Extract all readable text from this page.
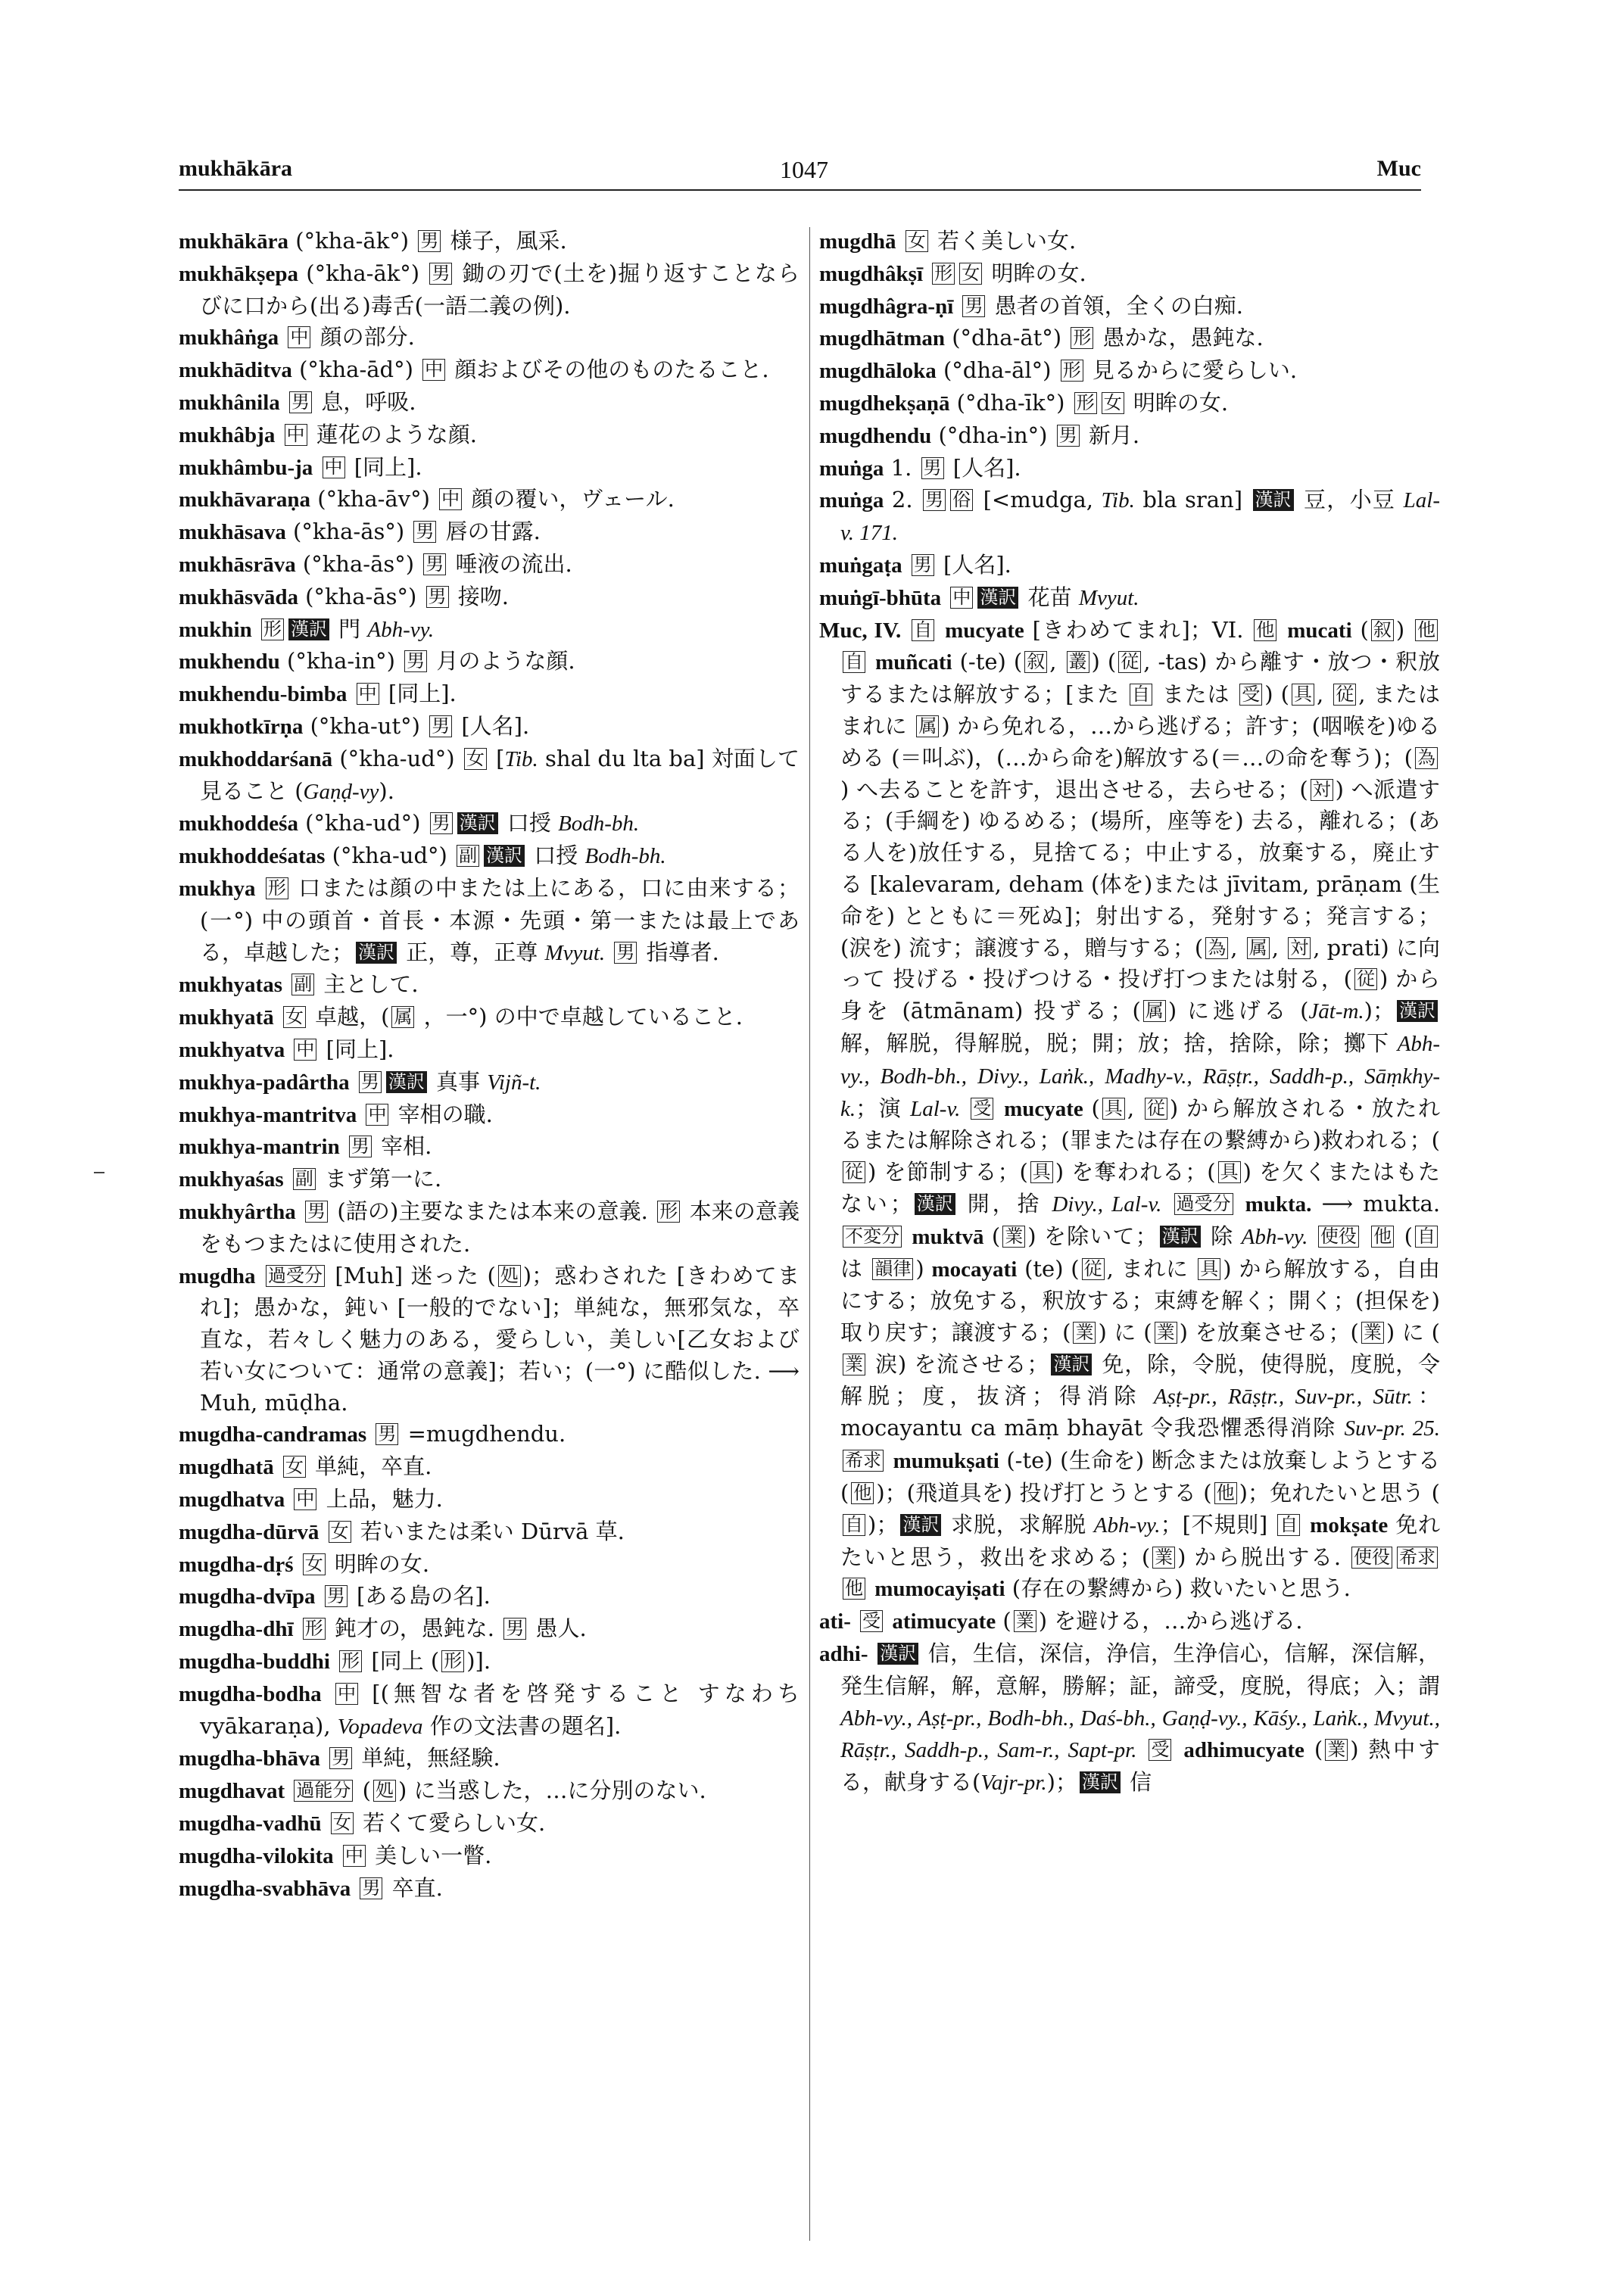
mukhākāra	1047	Muc

mukhākāra (°kha-āk°) 男 様子，風采.

mukhākṣepa (°kha-āk°) 男 鋤の刃で(土を)掘り返すことならびに口から(出る)毒舌(一語二義の例).

mukhâṅga 中 顔の部分.

mukhāditva (°kha-ād°) 中 顔およびその他のものたること.

mukhânila 男 息，呼吸.

mukhâbja 中 蓮花のような顔.

mukhâmbu-ja 中 [同上].

mukhāvaraṇa (°kha-āv°) 中 顔の覆い，ヴェール.

mukhāsava (°kha-ās°) 男 唇の甘露.

mukhāsrāva (°kha-ās°) 男 唾液の流出.

mukhāsvāda (°kha-ās°) 男 接吻.

mukhin 形 漢訳 門 Abh-vy.

mukhendu (°kha-in°) 男 月のような顔.

mukhendu-bimba 中 [同上].

mukhotkīrṇa (°kha-ut°) 男 [人名].

mukhoddarśanā (°kha-ud°) 女 [Tib. shal du lta ba] 対面して見ること (Gaṇḍ-vy).

mukhoddeśa (°kha-ud°) 男 漢訳 口授 Bodh-bh.

mukhoddeśatas (°kha-ud°) 副 漢訳 口授 Bodh-bh.

mukhya 形 口または顔の中または上にある，口に由来する；(一°) 中の頭首・首長・本源・先頭・第一または最上である，卓越した； 漢訳 正，尊，正尊 Mvyut. 男 指導者.

mukhyatas 副 主として.

mukhyatā 女 卓越，( 属 ，一°) の中で卓越していること.

mukhyatva 中 [同上].

mukhya-padârtha 男 漢訳 真事 Vijñ-t.

mukhya-mantritva 中 宰相の職.

mukhya-mantrin 男 宰相.

mukhyaśas 副 まず第一に.

mukhyârtha 男 (語の)主要なまたは本来の意義. 形 本来の意義をもつまたはに使用された.

mugdha 過受分 [Muh] 迷った ( 処 )；惑わされた [きわめてまれ]；愚かな，鈍い [一般的でない]；単純な，無邪気な，卒直な，若々しく魅力のある，愛らしい，美しい[乙女および若い女について：通常の意義]；若い；(一°) に酷似した. ⟶ Muh, mūḍha.

mugdha-candramas 男 =mugdhendu.

mugdhatā 女 単純，卒直.

mugdhatva 中 上品，魅力.

mugdha-dūrvā 女 若いまたは柔い Dūrvā 草.

mugdha-dṛś 女 明眸の女.

mugdha-dvīpa 男 [ある島の名].

mugdha-dhī 形 鈍才の，愚鈍な. 男 愚人.

mugdha-buddhi 形 [同上 ( 形 )].

mugdha-bodha 中 [(無智な者を啓発すること すなわち vyākaraṇa), Vopadeva 作の文法書の題名].

mugdha-bhāva 男 単純，無経験.

mugdhavat 過能分 ( 処 ) に当惑した，…に分別のない.

mugdha-vadhū 女 若くて愛らしい女.

mugdha-vilokita 中 美しい一瞥.

mugdha-svabhāva 男 卒直.

mugdhā 女 若く美しい女.

mugdhâkṣī 形 女 明眸の女.

mugdhâgra-ṇī 男 愚者の首領，全くの白痴.

mugdhātman (°dha-āt°) 形 愚かな，愚鈍な.

mugdhāloka (°dha-āl°) 形 見るからに愛らしい.

mugdhekṣaṇā (°dha-īk°) 形 女 明眸の女.

mugdhendu (°dha-in°) 男 新月.

muṅga 1. 男 [人名].

muṅga 2. 男 俗 [<mudga, Tib. bla sran] 漢訳 豆，小豆 Lal-v. 171.

muṅgaṭa 男 [人名].

muṅgī-bhūta 中 漢訳 花苗 Mvyut.

Muc, IV. 自 mucyate [きわめてまれ]；VI. 他 mucati ( 叙 ) 他自 muñcati (-te) ( 叙 , 叢 ) ( 従 , -tas) から離す・放つ・釈放するまたは解放する；[また 自 または 受 ) ( 具 , 従 , またはまれに 属 ) から免れる，…から逃げる；許す；(咽喉を)ゆるめる (＝叫ぶ)，(…から命を)解放する(＝…の命を奪う)；( 為) へ去ることを許す，退出させる，去らせる；( 対 ) へ派遣する；(手綱を) ゆるめる；(場所，座等を) 去る，離れる；(ある人を)放任する，見捨てる；中止する，放棄する，廃止する [kalevaram, deham (体を)または jīvitam, prāṇam (生命を) とともに＝死ぬ]；射出する，発射する；発言する；(涙を) 流す；譲渡する，贈与する；( 為 , 属 , 対 , prati) に向って 投げる・投げつける・投げ打つまたは射る，( 従 ) から身を (ātmānam) 投ずる；( 属 ) に逃げる (Jāt-m.)； 漢訳 解，解脱，得解脱，脱；開；放；捨，捨除，除；擲下 Abh-vy., Bodh-bh., Divy., Laṅk., Madhy-v., Rāṣṭr., Saddh-p., Sāṃkhy-k.；演 Lal-v. 受 mucyate ( 具 , 従 ) から解放される・放たれるまたは解除される；(罪または存在の繋縛から)救われる；(従 ) を節制する；( 具 ) を奪われる；( 具 ) を欠くまたはもたない； 漢訳 開，捨 Divy., Lal-v. 過受分 mukta. ⟶ mukta. 不変分 muktvā ( 業 ) を除いて； 漢訳 除 Abh-vy. 使役 他 ( 自 は 韻律 ) mocayati (te) ( 従 , まれに 具 ) から解放する，自由にする；放免する，釈放する；束縛を解く；開く；(担保を) 取り戻す；譲渡する；( 業 ) に ( 業 ) を放棄させる；( 業 ) に (業 涙) を流させる； 漢訳 免，除，令脱，使得脱，度脱，令解脱；度，抜済；得消除 Aṣṭ-pr., Rāṣṭr., Suv-pr., Sūtr.：mocayantu ca māṃ bhayāt 令我恐懼悉得消除 Suv-pr. 25. 希求 mumukṣati (-te) (生命を) 断念または放棄しようとする ( 他 )；(飛道具を) 投げ打とうとする ( 他 )；免れたいと思う (自 )； 漢訳 求脱，求解脱 Abh-vy.；[不規則] 自 mokṣate 免れたいと思う，救出を求める；( 業 ) から脱出する. 使役 希求他 mumocayiṣati (存在の繋縛から) 救いたいと思う.

ati- 受 atimucyate ( 業 ) を避ける，…から逃げる.

adhi- 漢訳 信，生信，深信，浄信，生浄信心，信解，深信解，発生信解，解，意解，勝解；証，諦受，度脱，得底；入；謂 Abh-vy., Aṣṭ-pr., Bodh-bh., Daś-bh., Gaṇḍ-vy., Kāśy., Laṅk., Mvyut., Rāṣṭr., Saddh-p., Sam-r., Sapt-pr. 受 adhimucyate ( 業 ) 熱中する，献身する(Vajr-pr.)； 漢訳 信
